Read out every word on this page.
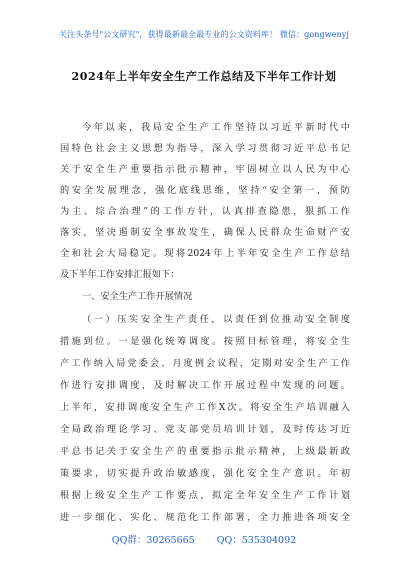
关注头条号"公文研究"，获得最新最全最专业的公文资料库！ 微信：gongwenyj
2024年上半年安全生产工作总结及下半年工作计划
今年以来，我局安全生产工作坚持以习近平新时代中
国特色社会主义思想为指导，深入学习贯彻习近平总书记
关于安全生产重要指示批示精神，牢固树立以人民为中心
的安全发展理念，强化底线思维，坚持“安全第一，预防
为主、综合治理”的工作方针，认真排查隐患，狠抓工作
落实，坚决遏制安全事故发生，确保人民群众生命财产安
全和社会大局稳定。现将2024年上半年安全生产工作总结
及下半年工作安排汇报如下：
一、安全生产工作开展情况
（一）压实安全生产责任，以责任到位推动安全制度
措施到位。一是强化统筹调度。按照目标管理，将安全生
产工作纳入局党委会、月度例会议程，定期对安全生产工作
作进行安排调度，及时解决工作开展过程中发现的问题。
上半年，安排调度安全生产工作X次。将安全生产培训融入
全局政治理论学习、党支部党员培训计划，及时传达习近
平总书记关于安全生产的重要指示批示精神，上级最新政
策要求，切实提升政治敏感度，强化安全生产意识。年初
根据上级安全生产工作要点，拟定全年安全生产工作计划
进一步细化、实化、规范化工作部署，全力推进各项安全
QQ群：30265665 QQ：535304092
